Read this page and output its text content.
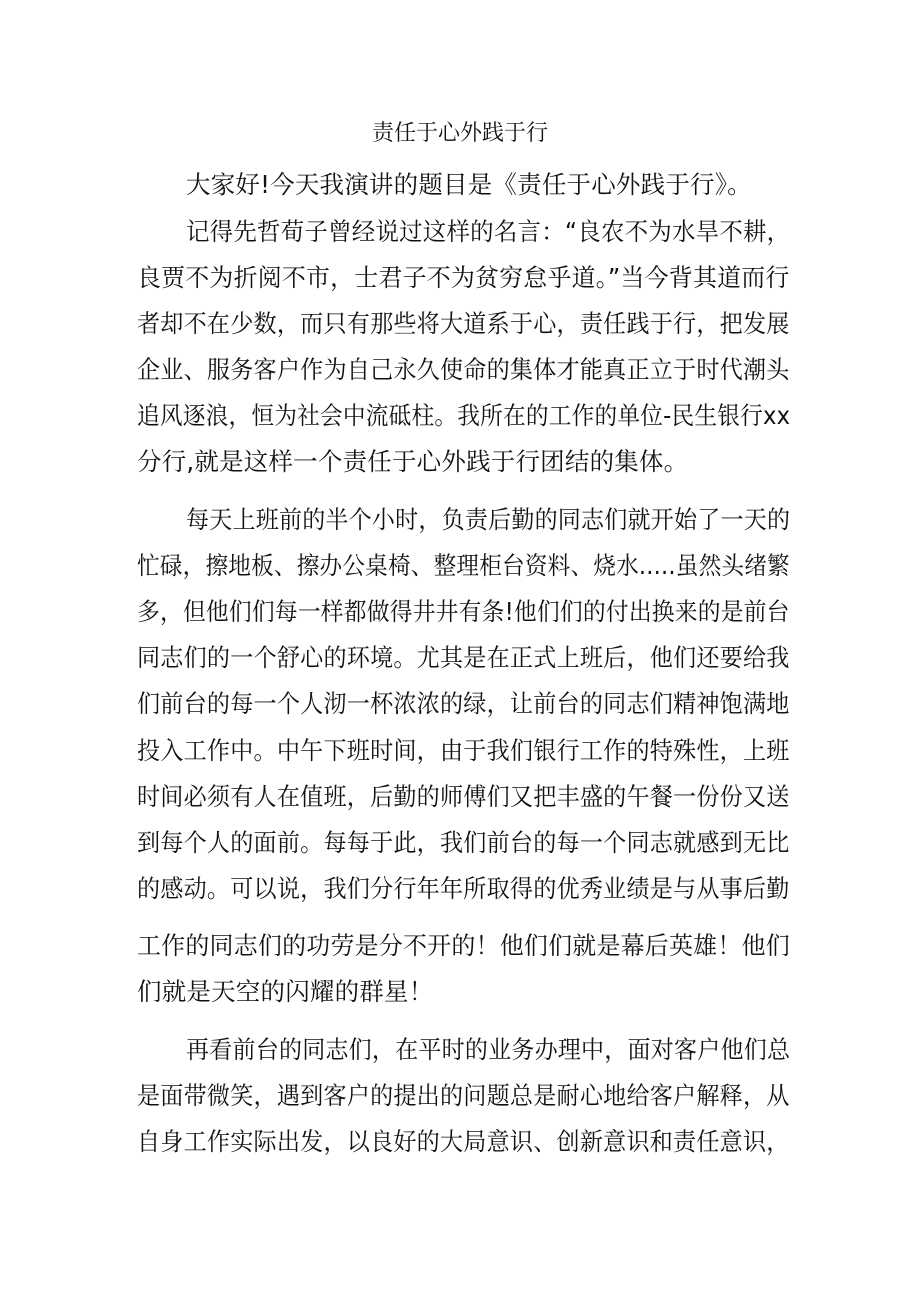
责任于心外践于行
大家好!今天我演讲的题目是《责任于心外践于行》。
记得先哲荀子曾经说过这样的名言：“良农不为水旱不耕，
良贾不为折阅不市，士君子不为贫穷怠乎道。”当今背其道而行
者却不在少数，而只有那些将大道系于心，责任践于行，把发展
企业、服务客户作为自己永久使命的集体才能真正立于时代潮头
追风逐浪，恒为社会中流砥柱。我所在的工作的单位-民生银行xx
分行,就是这样一个责任于心外践于行团结的集体。
每天上班前的半个小时，负责后勤的同志们就开始了一天的
忙碌，擦地板、擦办公桌椅、整理柜台资料、烧水.....虽然头绪繁
多，但他们们每一样都做得井井有条!他们们的付出换来的是前台
同志们的一个舒心的环境。尤其是在正式上班后，他们还要给我
们前台的每一个人沏一杯浓浓的绿，让前台的同志们精神饱满地
投入工作中。中午下班时间，由于我们银行工作的特殊性，上班
时间必须有人在值班，后勤的师傅们又把丰盛的午餐一份份又送
到每个人的面前。每每于此，我们前台的每一个同志就感到无比
的感动。可以说，我们分行年年所取得的优秀业绩是与从事后勤
工作的同志们的功劳是分不开的！他们们就是幕后英雄！他们
们就是天空的闪耀的群星！
再看前台的同志们，在平时的业务办理中，面对客户他们总
是面带微笑，遇到客户的提出的问题总是耐心地给客户解释，从
自身工作实际出发，以良好的大局意识、创新意识和责任意识，
